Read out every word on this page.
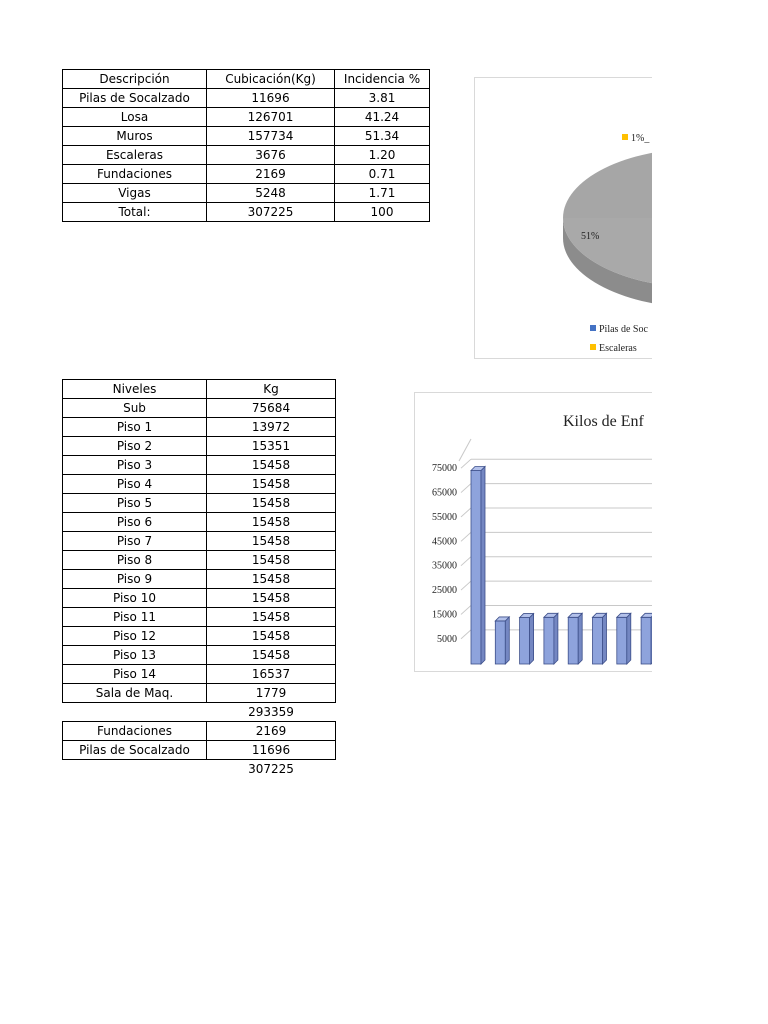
Descripción	Cubicación(Kg)	Incidencia %
Pilas de Socalzado	11696	3.81
Losa	126701	41.24
Muros	157734	51.34
Escaleras	3676	1.20
Fundaciones	2169	0.71
Vigas	5248	1.71
Total:	307225	100
Niveles	Kg
Sub	75684
Piso 1	13972
Piso 2	15351
Piso 3	15458
Piso 4	15458
Piso 5	15458
Piso 6	15458
Piso 7	15458
Piso 8	15458
Piso 9	15458
Piso 10	15458
Piso 11	15458
Piso 12	15458
Piso 13	15458
Piso 14	16537
Sala de Maq.	1779
	293359
Fundaciones	2169
Pilas de Socalzado	11696
	307225
51%
1%_
Pilas de Soc
Escaleras
Kilos de Enf
75000
65000
55000
45000
35000
25000
15000
5000
